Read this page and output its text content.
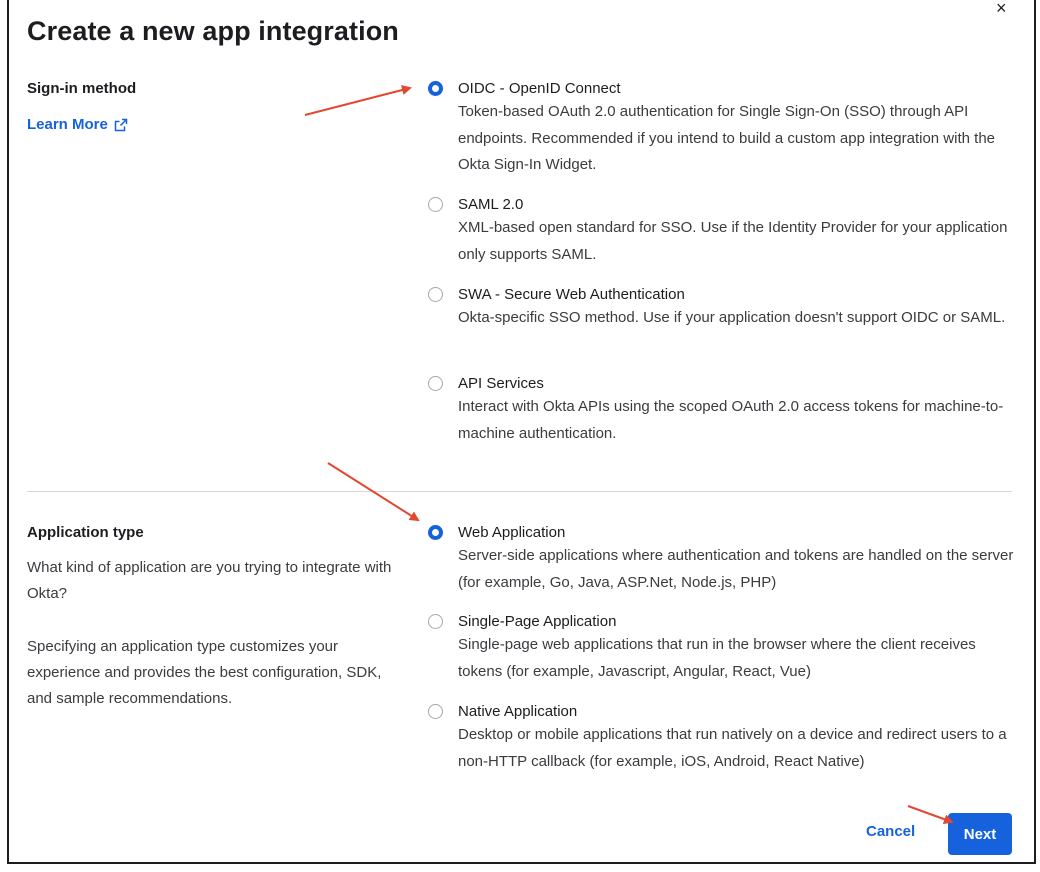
Create a new app integration
×
Sign-in method
Learn More
OIDC - OpenID Connect
Token-based OAuth 2.0 authentication for Single Sign-On (SSO) through API endpoints. Recommended if you intend to build a custom app integration with the Okta Sign-In Widget.
SAML 2.0
XML-based open standard for SSO. Use if the Identity Provider for your application only supports SAML.
SWA - Secure Web Authentication
Okta-specific SSO method. Use if your application doesn't support OIDC or SAML.
API Services
Interact with Okta APIs using the scoped OAuth 2.0 access tokens for machine-to-machine authentication.
Application type
What kind of application are you trying to integrate with Okta?
Specifying an application type customizes your experience and provides the best configuration, SDK, and sample recommendations.
Web Application
Server-side applications where authentication and tokens are handled on the server (for example, Go, Java, ASP.Net, Node.js, PHP)
Single-Page Application
Single-page web applications that run in the browser where the client receives tokens (for example, Javascript, Angular, React, Vue)
Native Application
Desktop or mobile applications that run natively on a device and redirect users to a non-HTTP callback (for example, iOS, Android, React Native)
Cancel	Next
